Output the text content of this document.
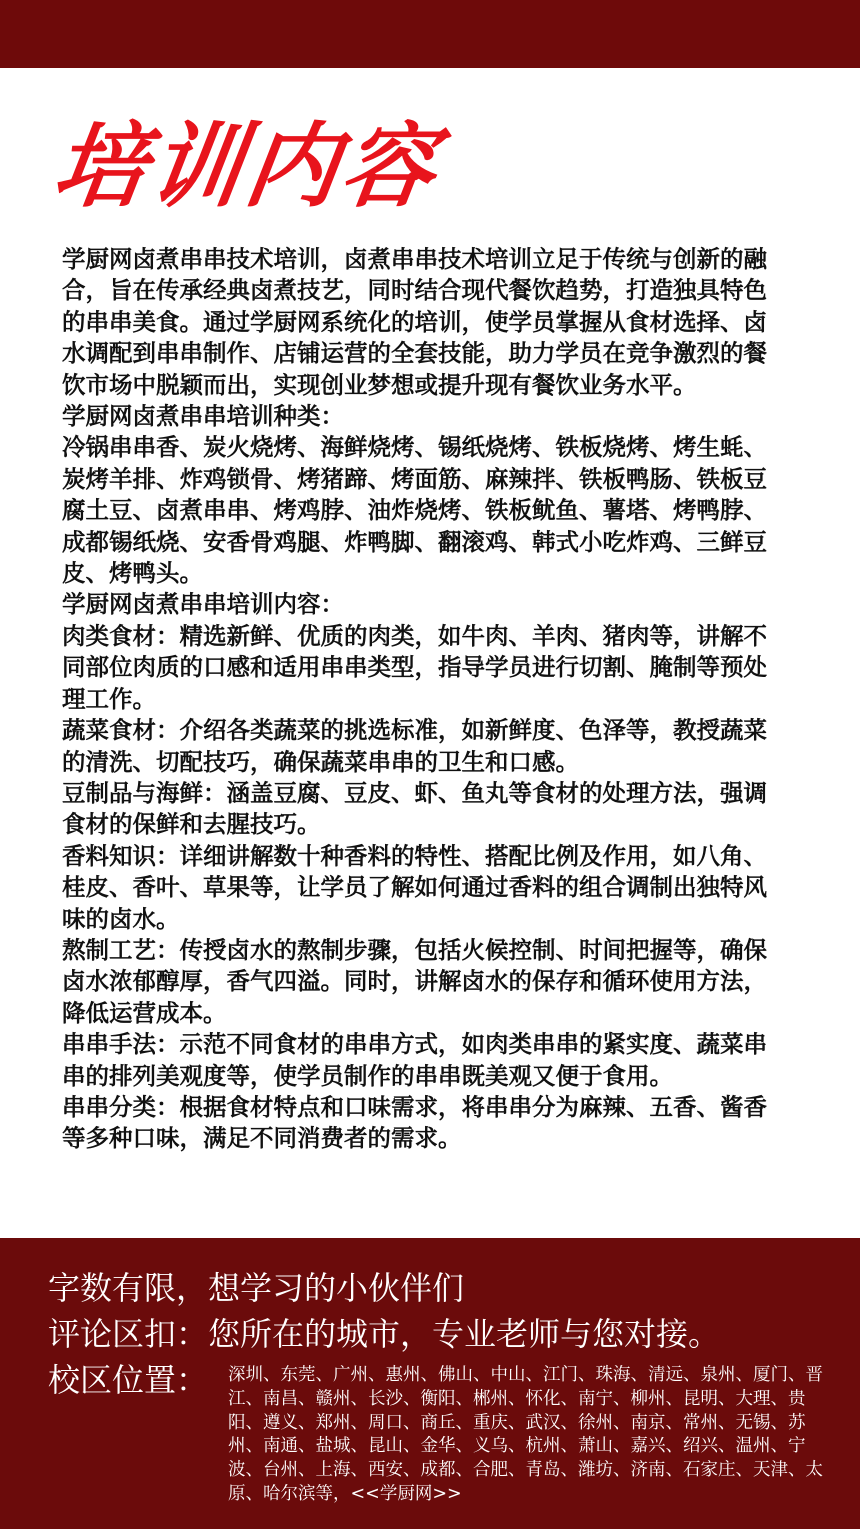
培训内容

学厨网卤煮串串技术培训，卤煮串串技术培训立足于传统与创新的融合，旨在传承经典卤煮技艺，同时结合现代餐饮趋势，打造独具特色的串串美食。通过学厨网系统化的培训，使学员掌握从食材选择、卤水调配到串串制作、店铺运营的全套技能，助力学员在竞争激烈的餐饮市场中脱颖而出，实现创业梦想或提升现有餐饮业务水平。

学厨网卤煮串串培训种类：

冷锅串串香、炭火烧烤、海鲜烧烤、锡纸烧烤、铁板烧烤、烤生蚝、炭烤羊排、炸鸡锁骨、烤猪蹄、烤面筋、麻辣拌、铁板鸭肠、铁板豆腐土豆、卤煮串串、烤鸡脖、油炸烧烤、铁板鱿鱼、薯塔、烤鸭脖、成都锡纸烧、安香骨鸡腿、炸鸭脚、翻滚鸡、韩式小吃炸鸡、三鲜豆皮、烤鸭头。

学厨网卤煮串串培训内容：

肉类食材：精选新鲜、优质的肉类，如牛肉、羊肉、猪肉等，讲解不同部位肉质的口感和适用串串类型，指导学员进行切割、腌制等预处理工作。

蔬菜食材：介绍各类蔬菜的挑选标准，如新鲜度、色泽等，教授蔬菜的清洗、切配技巧，确保蔬菜串串的卫生和口感。

豆制品与海鲜：涵盖豆腐、豆皮、虾、鱼丸等食材的处理方法，强调食材的保鲜和去腥技巧。

香料知识：详细讲解数十种香料的特性、搭配比例及作用，如八角、桂皮、香叶、草果等，让学员了解如何通过香料的组合调制出独特风味的卤水。

熬制工艺：传授卤水的熬制步骤，包括火候控制、时间把握等，确保卤水浓郁醇厚，香气四溢。同时，讲解卤水的保存和循环使用方法，降低运营成本。

串串手法：示范不同食材的串串方式，如肉类串串的紧实度、蔬菜串串的排列美观度等，使学员制作的串串既美观又便于食用。

串串分类：根据食材特点和口味需求，将串串分为麻辣、五香、酱香等多种口味，满足不同消费者的需求。

字数有限，想学习的小伙伴们
评论区扣：您所在的城市，专业老师与您对接。
校区位置： 深圳、东莞、广州、惠州、佛山、中山、江门、珠海、清远、泉州、厦门、晋江、南昌、赣州、长沙、衡阳、郴州、怀化、南宁、柳州、昆明、大理、贵阳、遵义、郑州、周口、商丘、重庆、武汉、徐州、南京、常州、无锡、苏州、南通、盐城、昆山、金华、义乌、杭州、萧山、嘉兴、绍兴、温州、宁波、台州、上海、西安、成都、合肥、青岛、潍坊、济南、石家庄、天津、太原、哈尔滨等，<<学厨网>>
